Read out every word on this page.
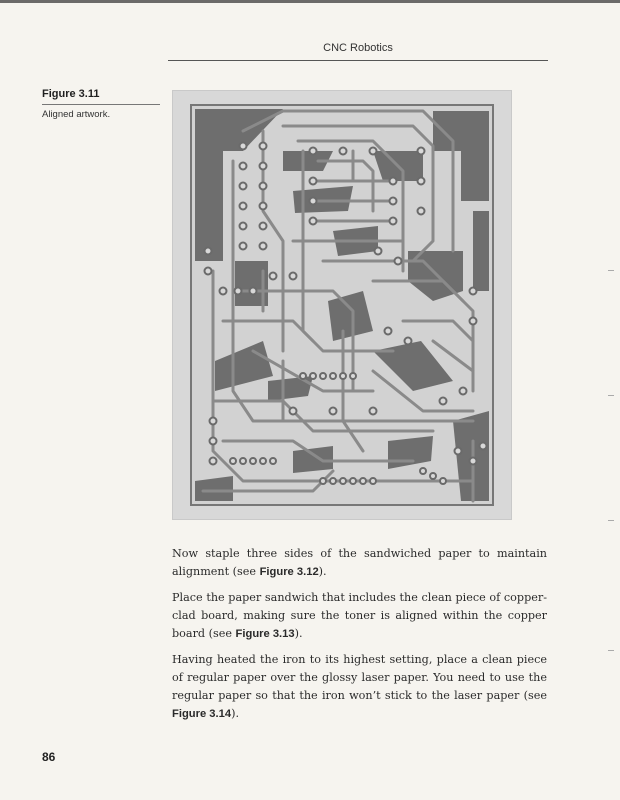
CNC Robotics
Figure 3.11
Aligned artwork.

Now staple three sides of the sandwiched paper to maintain alignment (see Figure 3.12).

Place the paper sandwich that includes the clean piece of copper-clad board, making sure the toner is aligned within the copper board (see Figure 3.13).

Having heated the iron to its highest setting, place a clean piece of regular paper over the glossy laser paper. You need to use the regular paper so that the iron won’t stick to the laser paper (see Figure 3.14).

86
